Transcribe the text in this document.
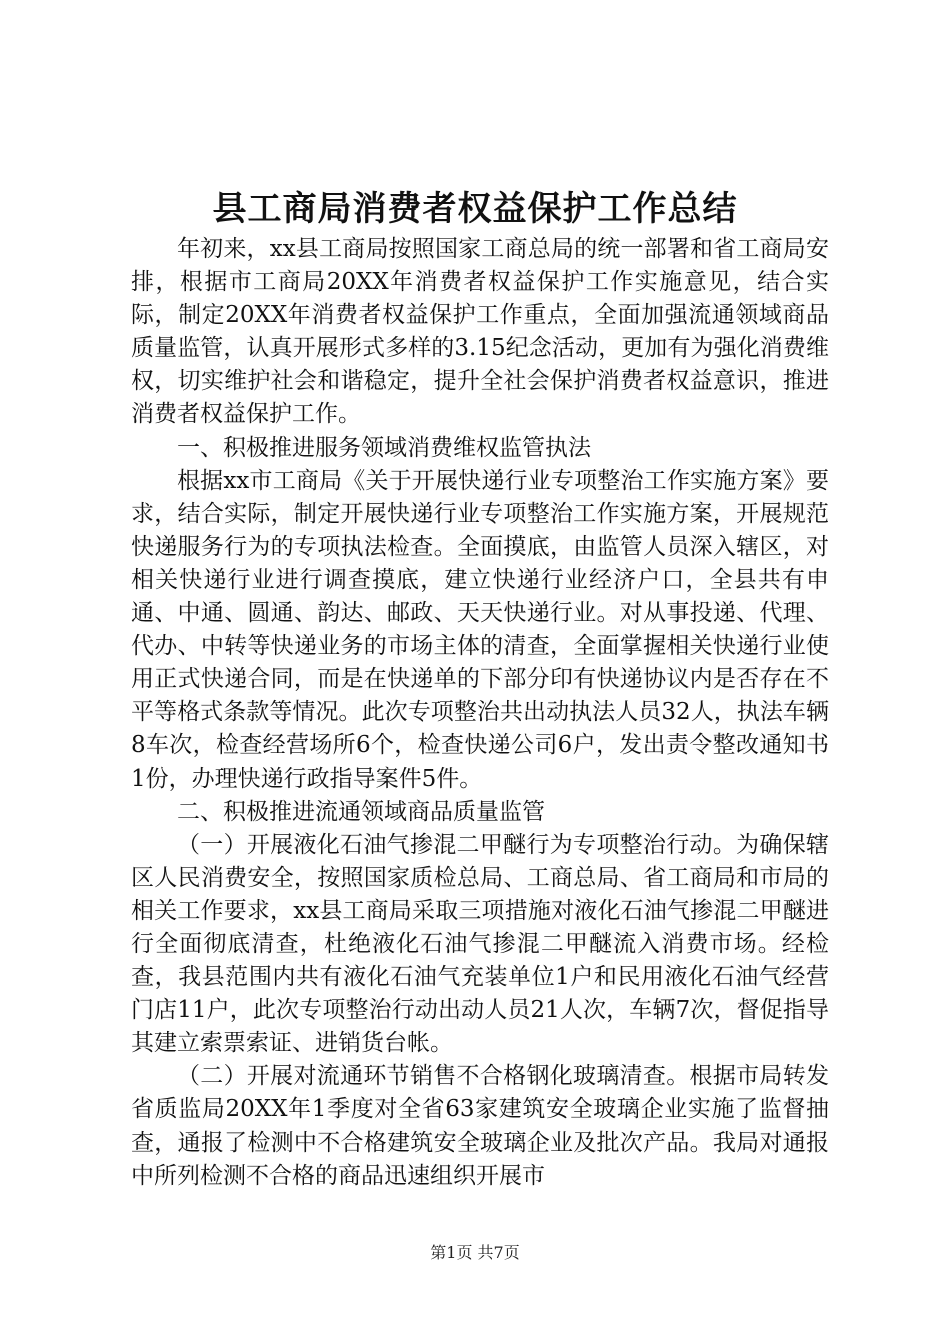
县工商局消费者权益保护工作总结

年初来，xx县工商局按照国家工商总局的统一部署和省工商局安排，根据市工商局20XX年消费者权益保护工作实施意见，结合实际，制定20XX年消费者权益保护工作重点，全面加强流通领域商品质量监管，认真开展形式多样的3.15纪念活动，更加有为强化消费维权，切实维护社会和谐稳定，提升全社会保护消费者权益意识，推进消费者权益保护工作。

一、积极推进服务领域消费维权监管执法

根据xx市工商局《关于开展快递行业专项整治工作实施方案》要求，结合实际，制定开展快递行业专项整治工作实施方案，开展规范快递服务行为的专项执法检查。全面摸底，由监管人员深入辖区，对相关快递行业进行调查摸底，建立快递行业经济户口，全县共有申通、中通、圆通、韵达、邮政、天天快递行业。对从事投递、代理、代办、中转等快递业务的市场主体的清查，全面掌握相关快递行业使用正式快递合同，而是在快递单的下部分印有快递协议内是否存在不平等格式条款等情况。此次专项整治共出动执法人员32人，执法车辆8车次，检查经营场所6个，检查快递公司6户，发出责令整改通知书1份，办理快递行政指导案件5件。

二、积极推进流通领域商品质量监管

（一）开展液化石油气掺混二甲醚行为专项整治行动。为确保辖区人民消费安全，按照国家质检总局、工商总局、省工商局和市局的相关工作要求，xx县工商局采取三项措施对液化石油气掺混二甲醚进行全面彻底清查，杜绝液化石油气掺混二甲醚流入消费市场。经检查，我县范围内共有液化石油气充装单位1户和民用液化石油气经营门店11户，此次专项整治行动出动人员21人次，车辆7次，督促指导其建立索票索证、进销货台帐。

（二）开展对流通环节销售不合格钢化玻璃清查。根据市局转发省质监局20XX年1季度对全省63家建筑安全玻璃企业实施了监督抽查，通报了检测中不合格建筑安全玻璃企业及批次产品。我局对通报中所列检测不合格的商品迅速组织开展市

第1页 共7页
